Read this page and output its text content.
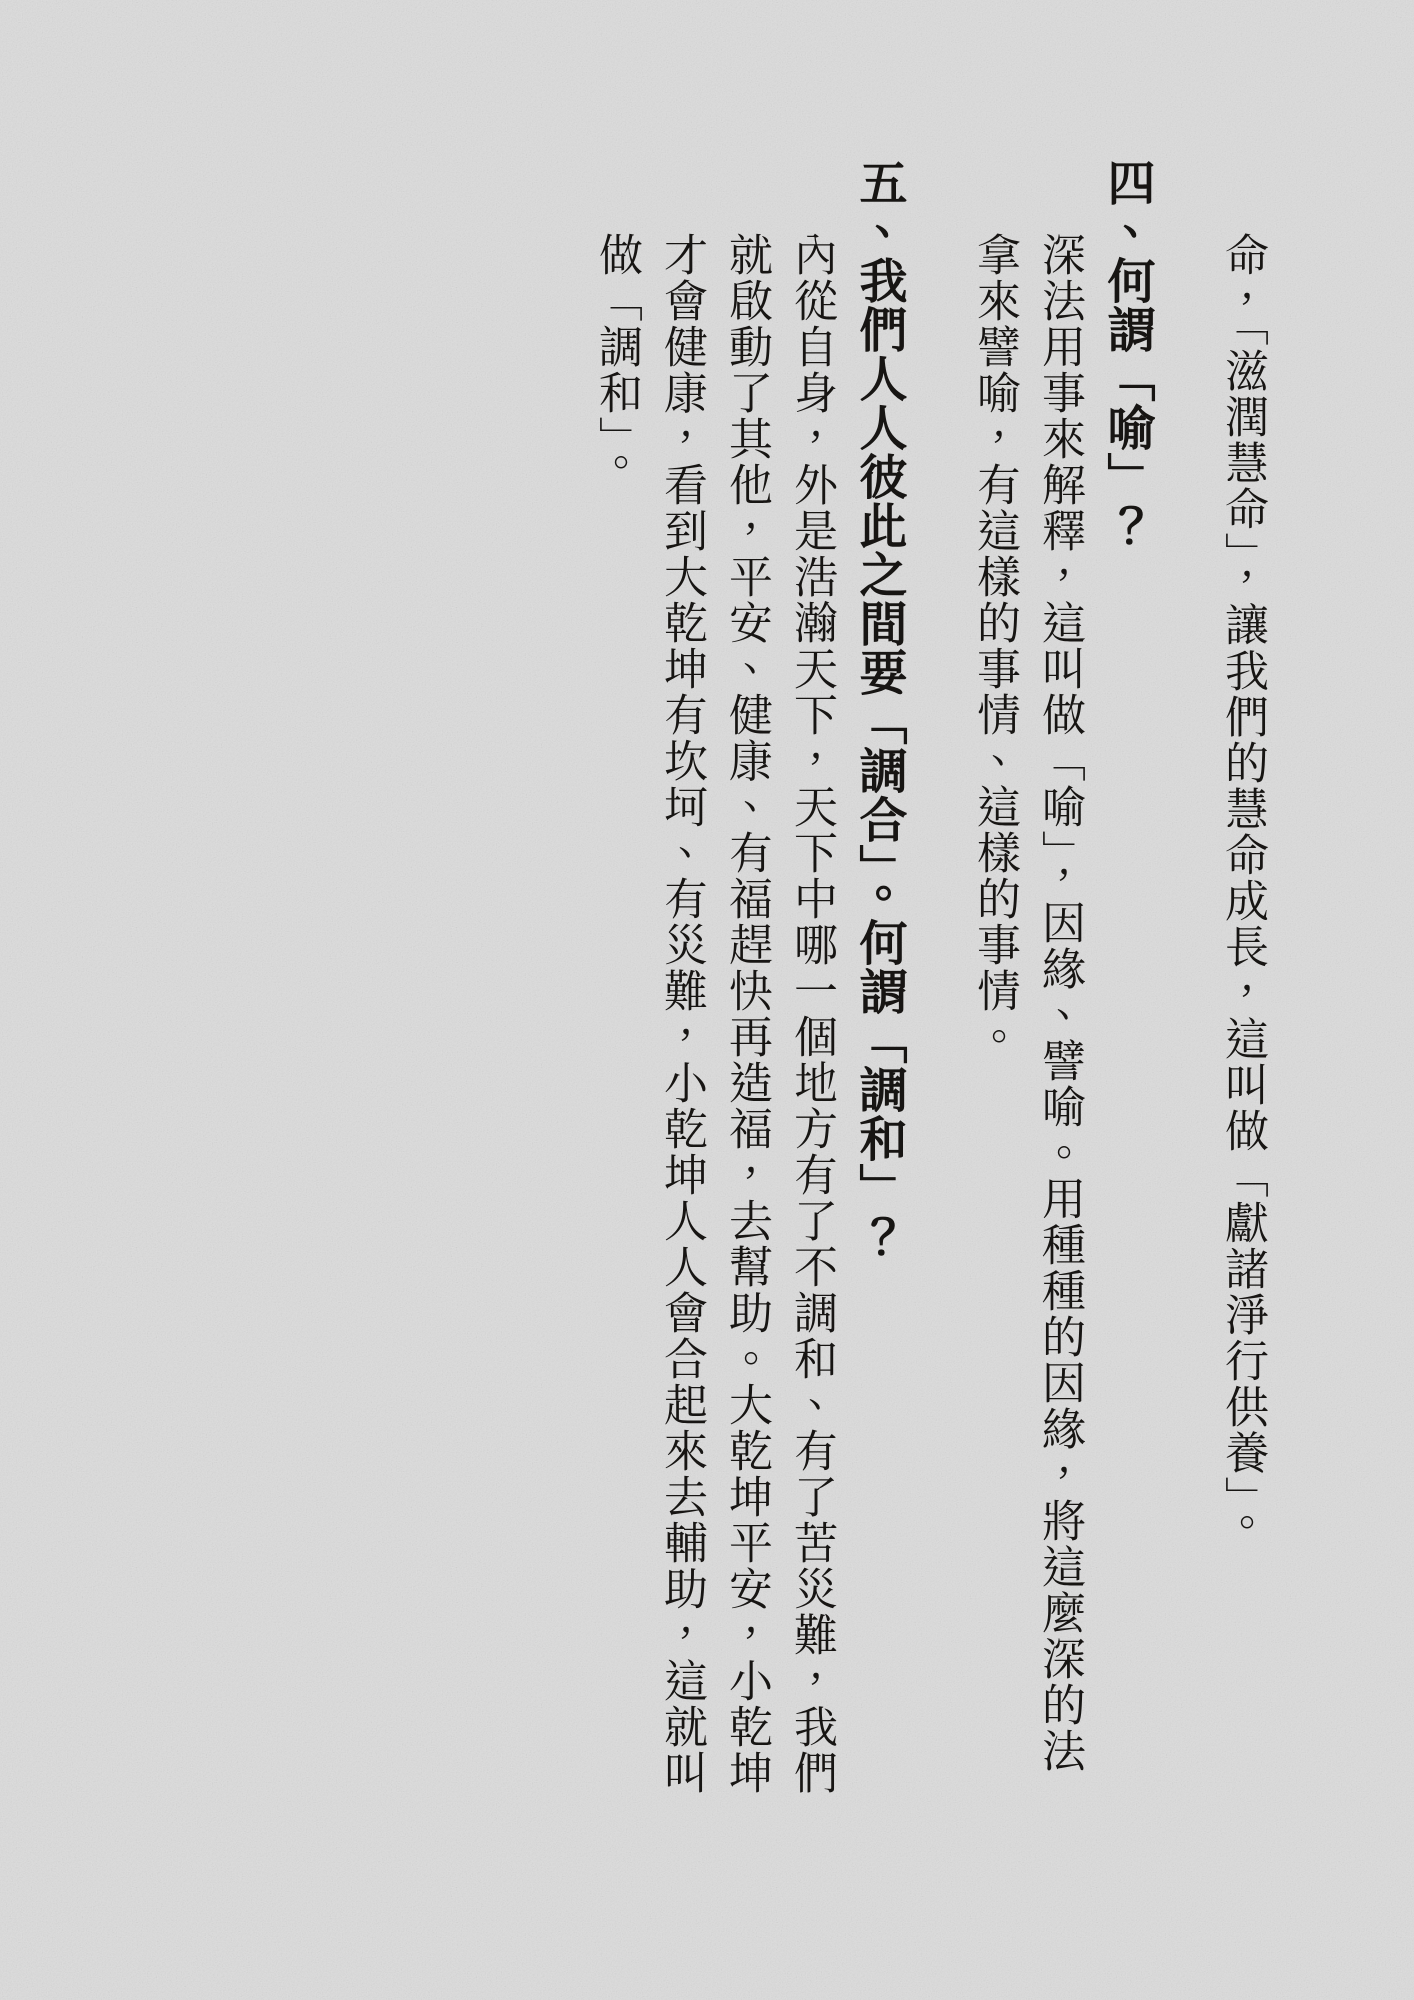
命，「滋潤慧命」，讓我們的慧命成長，這叫做「獻諸淨行供養」。
四、何謂「喻」？
深法用事來解釋，這叫做「喻」，因緣、譬喻。用種種的因緣，將這麼深的法
拿來譬喻，有這樣的事情、這樣的事情。
五、我們人人彼此之間要「調合」。何謂「調和」？
內從自身，外是浩瀚天下，天下中哪一個地方有了不調和、有了苦災難，我們
就啟動了其他，平安、健康、有福趕快再造福，去幫助。大乾坤平安，小乾坤
才會健康，看到大乾坤有坎坷、有災難，小乾坤人人會合起來去輔助，這就叫
做「調和」。
